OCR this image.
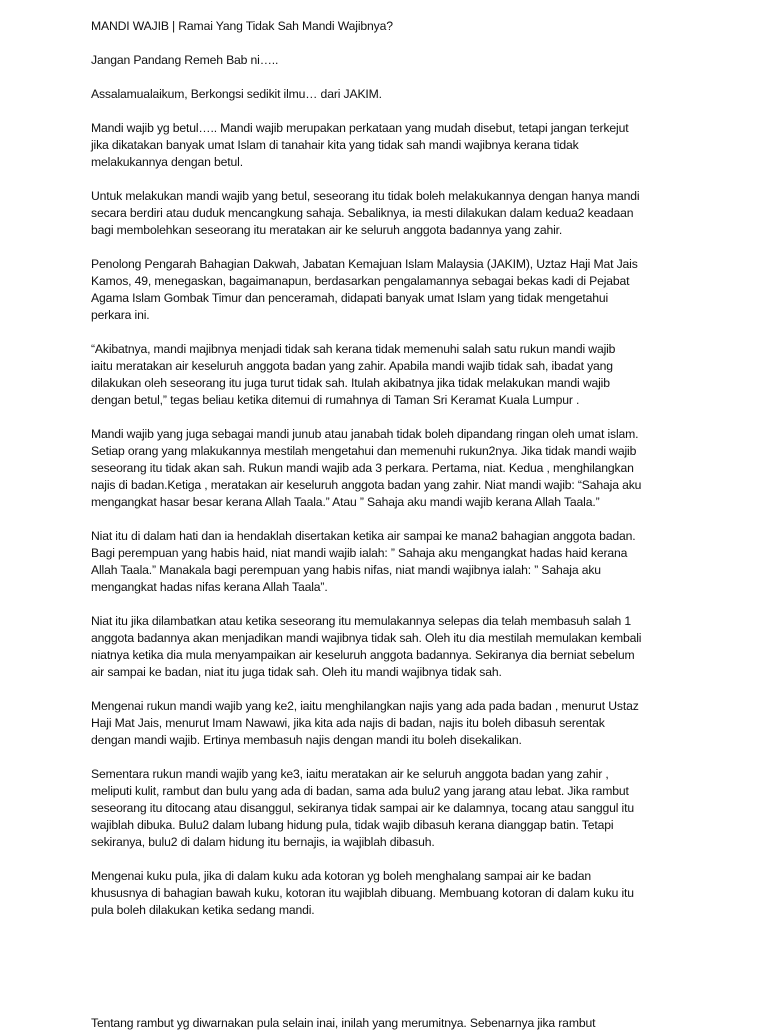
MANDI WAJIB | Ramai Yang Tidak Sah Mandi Wajibnya?

Jangan Pandang Remeh Bab ni…..

Assalamualaikum, Berkongsi sedikit ilmu… dari JAKIM.

Mandi wajib yg betul….. Mandi wajib merupakan perkataan yang mudah disebut, tetapi jangan terkejut
jika dikatakan banyak umat Islam di tanahair kita yang tidak sah mandi wajibnya kerana tidak
melakukannya dengan betul.

Untuk melakukan mandi wajib yang betul, seseorang itu tidak boleh melakukannya dengan hanya mandi
secara berdiri atau duduk mencangkung sahaja. Sebaliknya, ia mesti dilakukan dalam kedua2 keadaan
bagi membolehkan seseorang itu meratakan air ke seluruh anggota badannya yang zahir.

Penolong Pengarah Bahagian Dakwah, Jabatan Kemajuan Islam Malaysia (JAKIM), Uztaz Haji Mat Jais
Kamos, 49, menegaskan, bagaimanapun, berdasarkan pengalamannya sebagai bekas kadi di Pejabat
Agama Islam Gombak Timur dan penceramah, didapati banyak umat Islam yang tidak mengetahui
perkara ini.

“Akibatnya, mandi majibnya menjadi tidak sah kerana tidak memenuhi salah satu rukun mandi wajib
iaitu meratakan air keseluruh anggota badan yang zahir. Apabila mandi wajib tidak sah, ibadat yang
dilakukan oleh seseorang itu juga turut tidak sah. Itulah akibatnya jika tidak melakukan mandi wajib
dengan betul,” tegas beliau ketika ditemui di rumahnya di Taman Sri Keramat Kuala Lumpur .

Mandi wajib yang juga sebagai mandi junub atau janabah tidak boleh dipandang ringan oleh umat islam.
Setiap orang yang mlakukannya mestilah mengetahui dan memenuhi rukun2nya. Jika tidak mandi wajib
seseorang itu tidak akan sah. Rukun mandi wajib ada 3 perkara. Pertama, niat. Kedua , menghilangkan
najis di badan.Ketiga , meratakan air keseluruh anggota badan yang zahir. Niat mandi wajib: “Sahaja aku
mengangkat hasar besar kerana Allah Taala.” Atau ” Sahaja aku mandi wajib kerana Allah Taala.”

Niat itu di dalam hati dan ia hendaklah disertakan ketika air sampai ke mana2 bahagian anggota badan.
Bagi perempuan yang habis haid, niat mandi wajib ialah: ” Sahaja aku mengangkat hadas haid kerana
Allah Taala.” Manakala bagi perempuan yang habis nifas, niat mandi wajibnya ialah: ” Sahaja aku
mengangkat hadas nifas kerana Allah Taala”.

Niat itu jika dilambatkan atau ketika seseorang itu memulakannya selepas dia telah membasuh salah 1
anggota badannya akan menjadikan mandi wajibnya tidak sah. Oleh itu dia mestilah memulakan kembali
niatnya ketika dia mula menyampaikan air keseluruh anggota badannya. Sekiranya dia berniat sebelum
air sampai ke badan, niat itu juga tidak sah. Oleh itu mandi wajibnya tidak sah.

Mengenai rukun mandi wajib yang ke2, iaitu menghilangkan najis yang ada pada badan , menurut Ustaz
Haji Mat Jais, menurut Imam Nawawi, jika kita ada najis di badan, najis itu boleh dibasuh serentak
dengan mandi wajib. Ertinya membasuh najis dengan mandi itu boleh disekalikan.

Sementara rukun mandi wajib yang ke3, iaitu meratakan air ke seluruh anggota badan yang zahir ,
meliputi kulit, rambut dan bulu yang ada di badan, sama ada bulu2 yang jarang atau lebat. Jika rambut
seseorang itu ditocang atau disanggul, sekiranya tidak sampai air ke dalamnya, tocang atau sanggul itu
wajiblah dibuka. Bulu2 dalam lubang hidung pula, tidak wajib dibasuh kerana dianggap batin. Tetapi
sekiranya, bulu2 di dalam hidung itu bernajis, ia wajiblah dibasuh.

Mengenai kuku pula, jika di dalam kuku ada kotoran yg boleh menghalang sampai air ke badan
khususnya di bahagian bawah kuku, kotoran itu wajiblah dibuang. Membuang kotoran di dalam kuku itu
pula boleh dilakukan ketika sedang mandi.

Tentang rambut yg diwarnakan pula selain inai, inilah yang merumitnya. Sebenarnya jika rambut
